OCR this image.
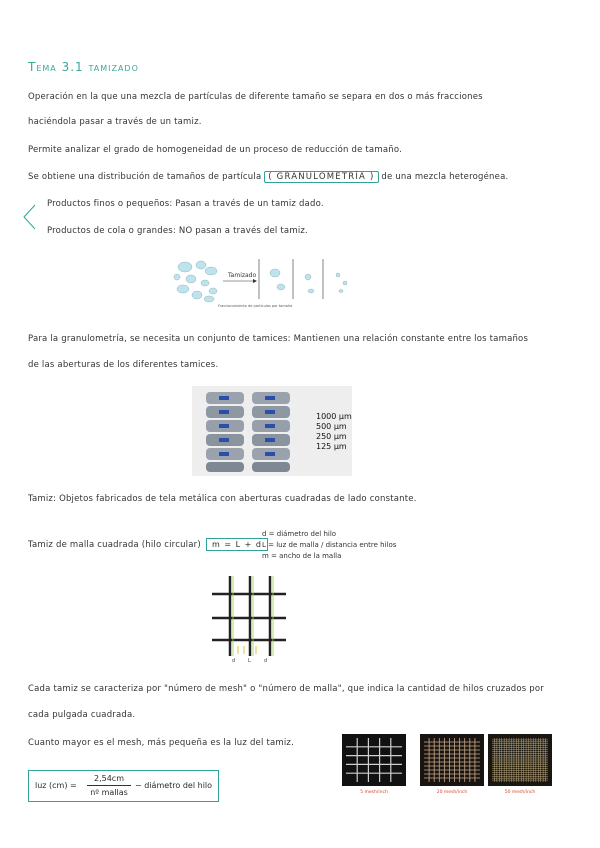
Tema 3.1 tamizado
Operación en la que una mezcla de partículas de diferente tamaño se separa en dos o más fracciones
haciéndola pasar a través de un tamiz.
Permite analizar el grado de homogeneidad de un proceso de reducción de tamaño.
Se obtiene una distribución de tamaños de partícula ( GRANULOMETRÍA ) de una mezcla heterogénea.
Productos finos o pequeños: Pasan a través de un tamiz dado.
Productos de cola o grandes: NO pasan a través del tamiz.
Tamizado
Fraccionamiento de partículas por tamaño
Para la granulometría, se necesita un conjunto de tamices: Mantienen una relación constante entre los tamaños
de las aberturas de los diferentes tamices.
1000 µm
500 µm
250 µm
125 µm
Tamiz: Objetos fabricados de tela metálica con aberturas cuadradas de lado constante.
Tamiz de malla cuadrada (hilo circular)	m = L + d
d = diámetro del hilo
L = luz de malla / distancia entre hilos
m = ancho de la malla
d	L	d
Cada tamiz se caracteriza por "número de mesh" o "número de malla", que indica la cantidad de hilos cruzados por
cada pulgada cuadrada.
Cuanto mayor es el mesh, más pequeña es la luz del tamiz.
5 mesh/inch	20 mesh/inch	50 mesh/inch
luz (cm) =
2,54cm
nº mallas
− diámetro del hilo
